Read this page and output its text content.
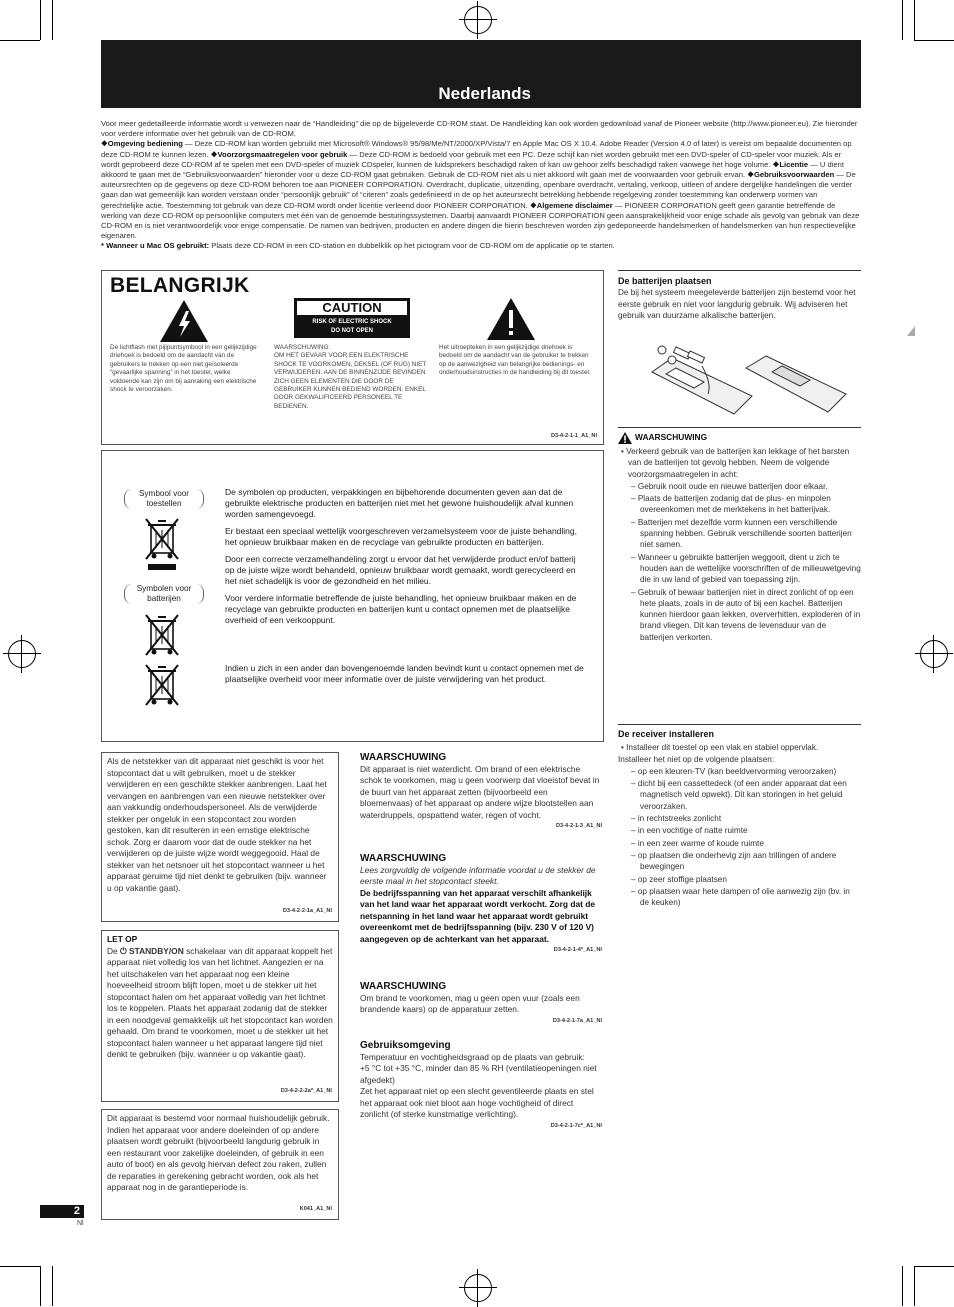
Nederlands

Voor meer gedetailleerde informatie wordt u verwezen naar de “Handleiding” die op de bijgeleverde CD-ROM staat. De Handleiding kan ook worden gedownload vanaf de Pioneer website (http://www.pioneer.eu). Zie hieronder voor verdere informatie over het gebruik van de CD-ROM.

❖Omgeving bediening — Deze CD-ROM kan worden gebruikt met Microsoft® Windows® 95/98/Me/NT/2000/XP/Vista/7 en Apple Mac OS X 10.4. Adobe Reader (Version 4.0 of later) is vereist om bepaalde documenten op deze CD-ROM te kunnen lezen. ❖Voorzorgsmaatregelen voor gebruik — Deze CD-ROM is bedoeld voor gebruik met een PC. Deze schijf kan niet worden gebruikt met een DVD-speler of CD-speler voor muziek. Als er wordt geprobeerd deze CD-ROM af te spelen met een DVD-speler of muziek CDspeler, kunnen de luidsprekers beschadigd raken of kan uw gehoor zelfs beschadigd raken vanwege het hoge volume. ❖Licentie — U dient akkoord te gaan met de “Gebruiksvoorwaarden” hieronder voor u deze CD-ROM gaat gebruiken. Gebruik de CD-ROM niet als u niet akkoord wilt gaan met de voorwaarden voor gebruik ervan. ❖Gebruiksvoorwaarden — De auteursrechten op de gegevens op deze CD-ROM behoren toe aan PIONEER CORPORATION. Overdracht, duplicatie, uitzending, openbare overdracht, vertaling, verkoop, uitleen of andere dergelijke handelingen die verder gaan dan wat gemeenlijk kan worden verstaan onder “persoonlijk gebruik” of “citeren” zoals gedefinieerd in de op het auteursrecht betrekking hebbende regelgeving zonder toestemming kan onderwerp vormen van gerechtelijke actie. Toestemming tot gebruik van deze CD-ROM wordt onder licentie verleend door PIONEER CORPORATION. ❖Algemene disclaimer — PIONEER CORPORATION geeft geen garantie betreffende de werking van deze CD-ROM op persoonlijke computers met één van de genoemde besturingssystemen. Daarbij aanvaardt PIONEER CORPORATION geen aansprakelijkheid voor enige schade als gevolg van gebruik van deze CD-ROM en is niet verantwoordelijk voor enige compensatie. De namen van bedrijven, producten en andere dingen die hierin beschreven worden zijn gedeponeerde handelsmerken of handelsmerken van hun respectievelijke eigenaren.

* Wanneer u Mac OS gebruikt: Plaats deze CD-ROM in een CD-station en dubbelklik op het pictogram voor de CD-ROM om de applicatie op te starten.

BELANGRIJK
CAUTION
RISK OF ELECTRIC SHOCK
DO NOT OPEN
De lichtflash met pijlpuntsymbool in een gelijkzijdige driehoek is bedoeld om de aandacht van de gebruikers te trekken op een niet geïsoleerde “gevaarlijke spanning” in het toestel, welke voldoende kan zijn om bij aanraking een elektrische shock te veroorzaken.
WAARSCHUWING:
OM HET GEVAAR VOOR EEN ELEKTRISCHE SHOCK TE VOORKOMEN, DEKSEL (OF RUG) NIET VERWIJDEREN. AAN DE BINNENZIJDE BEVINDEN ZICH GEEN ELEMENTEN DIE DOOR DE GEBRUIKER KUNNEN BEDIEND WORDEN. ENKEL DOOR GEKWALIFICEERD PERSONEEL TE BEDIENEN.
Het uitroepteken in een gelijkzijdige driehoek is bedoeld om de aandacht van de gebruiker te trekken op de aanwezigheid van belangrijke bedienings- en onderhoudsinstructies in de handleiding bij dit toestel.
D3-4-2-1-1_A1_Nl
Symbool voor toestellen
Symbolen voor batterijen

De symbolen op producten, verpakkingen en bijbehorende documenten geven aan dat de gebruikte elektrische producten en batterijen niet met het gewone huishoudelijk afval kunnen worden samengevoegd.

Er bestaat een speciaal wettelijk voorgeschreven verzamelsysteem voor de juiste behandling, het opnieuw bruikbaar maken en de recyclage van gebruikte producten en batterijen.

Door een correcte verzamelhandeling zorgt u ervoor dat het verwijderde product en/of batterij op de juiste wijze wordt behandeld, opnieuw bruikbaar wordt gemaakt, wordt gerecycleerd en het niet schadelijk is voor de gezondheid en het milieu.

Voor verdere informatie betreffende de juiste behandling, het opnieuw bruikbaar maken en de recyclage van gebruikte producten en batterijen kunt u contact opnemen met de plaatselijke overheid of een verkooppunt.

Indien u zich in een ander dan bovengenoemde landen bevindt kunt u contact opnemen met de plaatselijke overheid voor meer informatie over de juiste verwijdering van het product.

Als de netstekker van dit apparaat niet geschikt is voor het stopcontact dat u wilt gebruiken, moet u de stekker verwijderen en een geschikte stekker aanbrengen. Laat het vervangen en aanbrengen van een nieuwe netstekker over aan vakkundig onderhoudspersoneel. Als de verwijderde stekker per ongeluk in een stopcontact zou worden gestoken, kan dit resulteren in een ernstige elektrische schok. Zorg er daarom voor dat de oude stekker na het verwijderen op de juiste wijze wordt weggegooid. Haal de stekker van het netsnoer uit het stopcontact wanneer u het apparaat geruime tijd niet denkt te gebruiken (bijv. wanneer u op vakantie gaat).
D3-4-2-2-1a_A1_Nl
LET OP
De ⏻ STANDBY/ON schakelaar van dit apparaat koppelt het apparaat niet volledig los van het lichtnet. Aangezien er na het uitschakelen van het apparaat nog een kleine hoeveelheid stroom blijft lopen, moet u de stekker uit het stopcontact halen om het apparaat volledig van het lichtnet los te koppelen. Plaats het apparaat zodanig dat de stekker in een noodgeval gemakkelijk uit het stopcontact kan worden gehaald. Om brand te voorkomen, moet u de stekker uit het stopcontact halen wanneer u het apparaat langere tijd niet denkt te gebruiken (bijv. wanneer u op vakantie gaat).
D3-4-2-2-2a*_A1_Nl
Dit apparaat is bestemd voor normaal huishoudelijk gebruik. Indien het apparaat voor andere doeleinden of op andere plaatsen wordt gebruikt (bijvoorbeeld langdurig gebruik in een restaurant voor zakelijke doeleinden, of gebruik in een auto of boot) en als gevolg hiervan defect zou raken, zullen de reparaties in gerekening gebracht worden, ook als het apparaat nog in de garantieperiode is.
K041_A1_Nl
WAARSCHUWING
Dit apparaat is niet waterdicht. Om brand of een elektrische schok te voorkomen, mag u geen voorwerp dat vloeistof bevat in de buurt van het apparaat zetten (bijvoorbeeld een bloemenvaas) of het apparaat op andere wijze blootstellen aan waterdruppels, opspattend water, regen of vocht.
D3-4-2-1-3_A1_Nl
WAARSCHUWING
Lees zorgvuldig de volgende informatie voordat u de stekker de eerste maal in het stopcontact steekt.
De bedrijfsspanning van het apparaat verschilt afhankelijk van het land waar het apparaat wordt verkocht. Zorg dat de netspanning in het land waar het apparaat wordt gebruikt overeenkomt met de bedrijfsspanning (bijv. 230 V of 120 V) aangegeven op de achterkant van het apparaat.
D3-4-2-1-4*_A1_Nl
WAARSCHUWING
Om brand te voorkomen, mag u geen open vuur (zoals een brandende kaars) op de apparatuur zetten.
D3-4-2-1-7a_A1_Nl
Gebruiksomgeving
Temperatuur en vochtigheidsgraad op de plaats van gebruik:
+5 °C tot +35 °C, minder dan 85 % RH (ventilatieopeningen niet afgedekt)
Zet het apparaat niet op een slecht geventileerde plaats en stel het apparaat ook niet bloot aan hoge vochtigheid of direct zonlicht (of sterke kunstmatige verlichting).
D3-4-2-1-7c*_A1_Nl
De batterijen plaatsen
De bij het systeem meegeleverde batterijen zijn bestemd voor het eerste gebruik en niet voor langdurig gebruik. Wij adviseren het gebruik van duurzame alkalische batterijen.
WAARSCHUWING
• Verkeerd gebruik van de batterijen kan lekkage of het barsten van de batterijen tot gevolg hebben. Neem de volgende voorzorgsmaatregelen in acht:
– Gebruik nooit oude en nieuwe batterijen door elkaar.
– Plaats de batterijen zodanig dat de plus- en minpolen overeenkomen met de merktekens in het batterijvak.
– Batterijen met dezelfde vorm kunnen een verschillende spanning hebben. Gebruik verschillende soorten batterijen niet samen.
– Wanneer u gebruikte batterijen weggooit, dient u zich te houden aan de wettelijke voorschriften of de milieuwetgeving die in uw land of gebied van toepassing zijn.
– Gebruik of bewaar batterijen niet in direct zonlicht of op een hete plaats, zoals in de auto of bij een kachel. Batterijen kunnen hierdoor gaan lekken, oververhitten, exploderen of in brand vliegen. Dit kan tevens de levensduur van de batterijen verkorten.
De receiver installeren
• Installeer dit toestel op een vlak en stabiel oppervlak.
Installeer het niet op de volgende plaatsen:
– op een kleuren-TV (kan beeldvervorming veroorzaken)
– dicht bij een cassettedeck (of een ander apparaat dat een magnetisch veld opwekt). Dit kan storingen in het geluid veroorzaken.
– in rechtstreeks zonlicht
– in een vochtige of natte ruimte
– in een zeer warme of koude ruimte
– op plaatsen die onderhevig zijn aan trillingen of andere bewegingen
– op zeer stoffige plaatsen
– op plaatsen waar hete dampen of olie aanwezig zijn (bv. in de keuken)
2
Nl
